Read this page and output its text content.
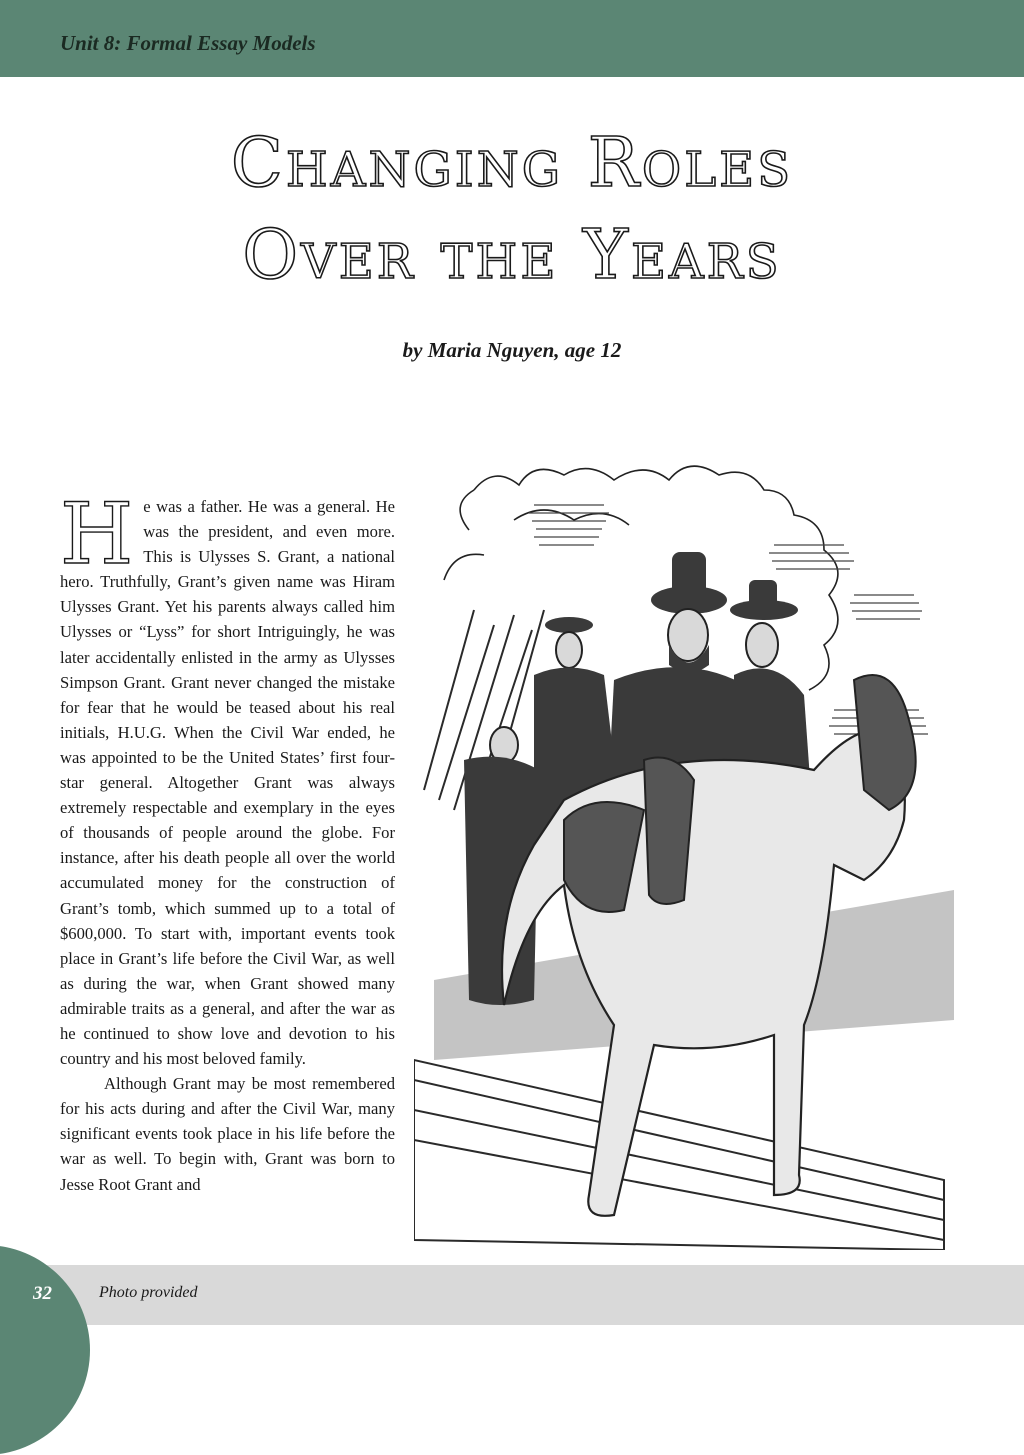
Unit 8: Formal Essay Models
Changing Roles
Over the Years
by Maria Nguyen, age 12

He was a father. He was a general. He was the president, and even more. This is Ulysses S. Grant, a national hero. Truthfully, Grant’s given name was Hiram Ulysses Grant. Yet his parents always called him Ulysses or “Lyss” for short Intriguingly, he was later accidentally enlisted in the army as Ulysses Simpson Grant. Grant never changed the mistake for fear that he would be teased about his real initials, H.U.G. When the Civil War ended, he was appointed to be the United States’ first four-star general. Altogether Grant was always extremely respectable and exemplary in the eyes of thousands of people around the globe. For instance, after his death people all over the world accumulated money for the construction of Grant’s tomb, which summed up to a total of $600,000. To start with, important events took place in Grant’s life before the Civil War, as well as during the war, when Grant showed many admirable traits as a general, and after the war as he continued to show love and devotion to his country and his most beloved family.

Although Grant may be most remembered for his acts during and after the Civil War, many significant events took place in his life before the war as well. To begin with, Grant was born to Jesse Root Grant and

32	Photo provided
